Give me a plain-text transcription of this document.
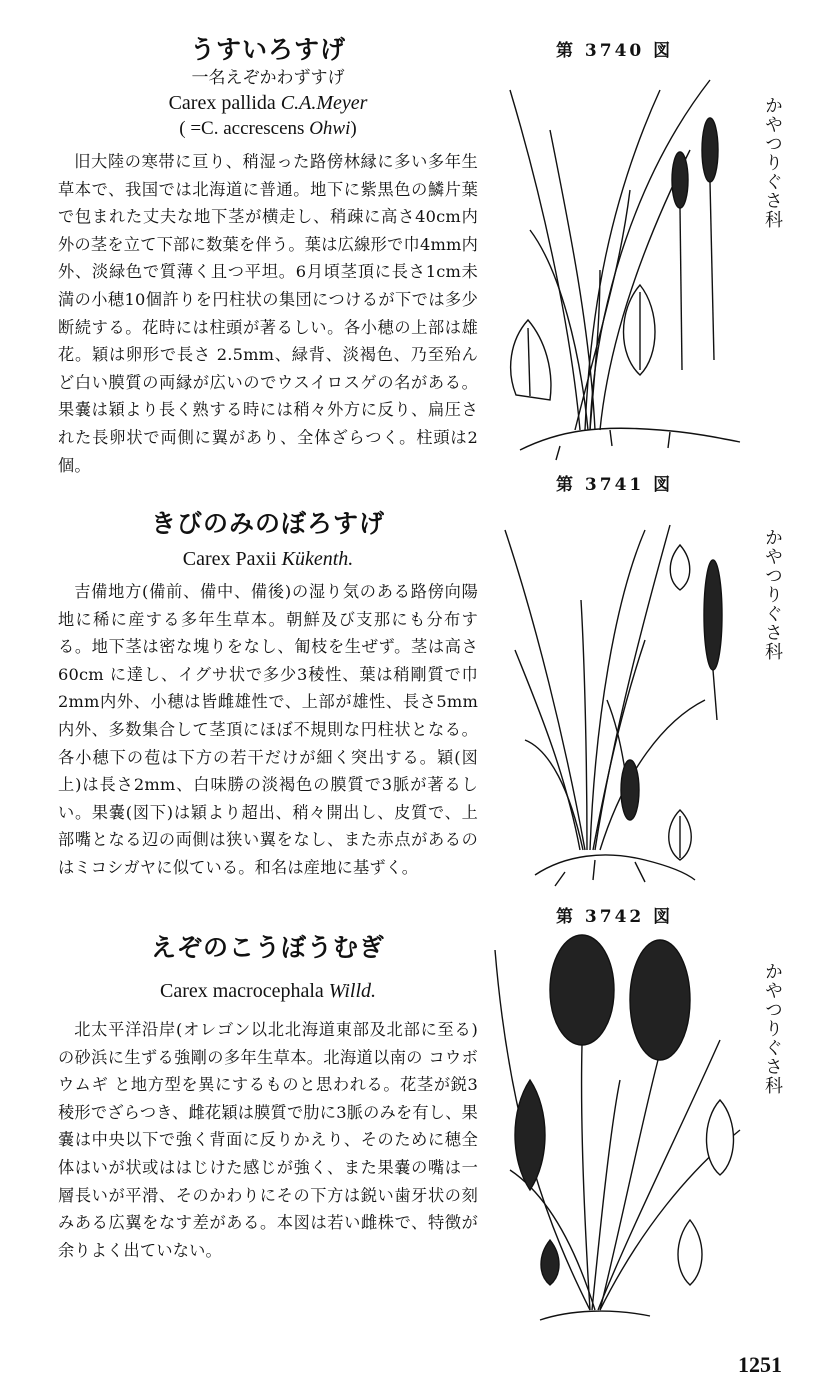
第 3740 図
第 3741 図
第 3742 図
かやつりぐさ科
かやつりぐさ科
かやつりぐさ科

うすいろすげ

一名えぞかわずすげ

Carex pallida C.A.Meyer

( =C. accrescens Ohwi)

旧大陸の寒帯に亘り、稍湿った路傍林縁に多い多年生草本で、我国では北海道に普通。地下に紫黒色の鱗片葉で包まれた丈夫な地下茎が横走し、稍疎に高さ40cm内外の茎を立て下部に数葉を伴う。葉は広線形で巾4mm内外、淡緑色で質薄く且つ平坦。6月頃茎頂に長さ1cm未満の小穂10個許りを円柱状の集団につけるが下では多少断続する。花時には柱頭が著るしい。各小穂の上部は雄花。穎は卵形で長さ 2.5mm、緑背、淡褐色、乃至殆んど白い膜質の両縁が広いのでウスイロスゲの名がある。果嚢は穎より長く熟する時には稍々外方に反り、扁圧された長卵状で両側に翼があり、全体ざらつく。柱頭は2個。

きびのみのぼろすげ

Carex Paxii Kükenth.

吉備地方(備前、備中、備後)の湿り気のある路傍向陽地に稀に産する多年生草本。朝鮮及び支那にも分布する。地下茎は密な塊りをなし、匍枝を生ぜず。茎は高さ 60cm に達し、イグサ状で多少3稜性、葉は稍剛質で巾2mm内外、小穂は皆雌雄性で、上部が雄性、長さ5mm内外、多数集合して茎頂にほぼ不規則な円柱状となる。各小穂下の苞は下方の若干だけが細く突出する。穎(図上)は長さ2mm、白味勝の淡褐色の膜質で3脈が著るしい。果嚢(図下)は穎より超出、稍々開出し、皮質で、上部嘴となる辺の両側は狭い翼をなし、また赤点があるのはミコシガヤに似ている。和名は産地に基ずく。

えぞのこうぼうむぎ

Carex macrocephala Willd.

北太平洋沿岸(オレゴン以北北海道東部及北部に至る)の砂浜に生ずる強剛の多年生草本。北海道以南の コウボウムギ と地方型を異にするものと思われる。花茎が鋭3稜形でざらつき、雌花穎は膜質で肋に3脈のみを有し、果嚢は中央以下で強く背面に反りかえり、そのために穂全体はいが状或ははじけた感じが強く、また果嚢の嘴は一層長いが平滑、そのかわりにその下方は鋭い歯牙状の刻みある広翼をなす差がある。本図は若い雌株で、特徴が余りよく出ていない。

1251
